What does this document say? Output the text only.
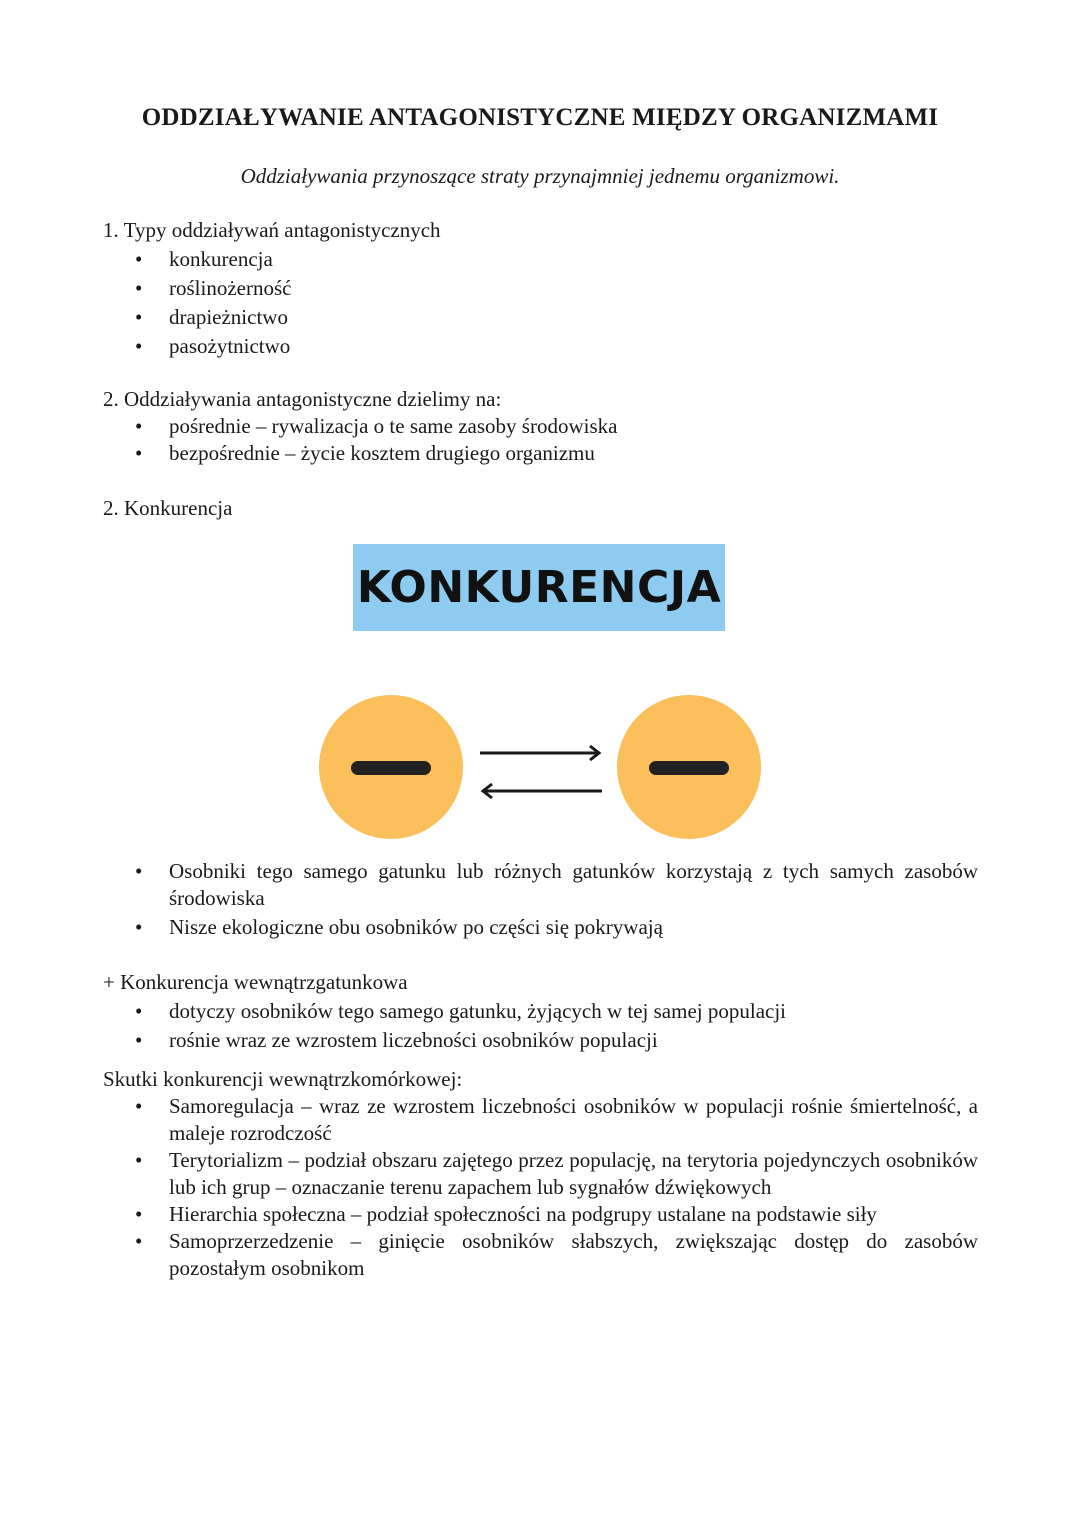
ODDZIAŁYWANIE ANTAGONISTYCZNE MIĘDZY ORGANIZMAMI
Oddziaływania przynoszące straty przynajmniej jednemu organizmowi.

1. Typy oddziaływań antagonistycznych

• konkurencja
• roślinożerność
• drapieżnictwo
• pasożytnictwo

2. Oddziaływania antagonistyczne dzielimy na:

• pośrednie – rywalizacja o te same zasoby środowiska
• bezpośrednie – życie kosztem drugiego organizmu

2. Konkurencja

KONKURENCJA
• Osobniki tego samego gatunku lub różnych gatunków korzystają z tych samych zasobów środowiska
• Nisze ekologiczne obu osobników po części się pokrywają

+ Konkurencja wewnątrzgatunkowa

• dotyczy osobników tego samego gatunku, żyjących w tej samej populacji
• rośnie wraz ze wzrostem liczebności osobników populacji

Skutki konkurencji wewnątrzkomórkowej:

• Samoregulacja – wraz ze wzrostem liczebności osobników w populacji rośnie śmiertelność, a maleje rozrodczość
• Terytorializm – podział obszaru zajętego przez populację, na terytoria pojedynczych osobników lub ich grup – oznaczanie terenu zapachem lub sygnałów dźwiękowych
• Hierarchia społeczna – podział społeczności na podgrupy ustalane na podstawie siły
• Samoprzerzedzenie – ginięcie osobników słabszych, zwiększając dostęp do zasobów pozostałym osobnikom
